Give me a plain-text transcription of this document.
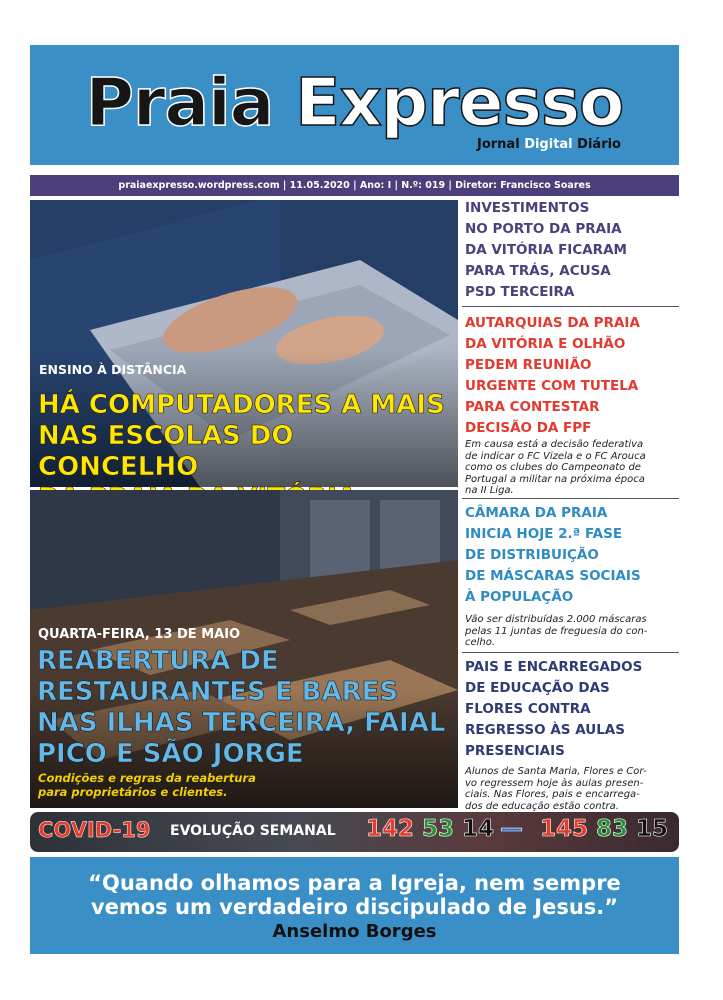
Praia Expresso
Jornal Digital Diário
praiaexpresso.wordpress.com | 11.05.2020 | Ano: I | N.º: 019 | Diretor: Francisco Soares
ENSINO À DISTÂNCIA
HÁ COMPUTADORES A MAIS
NAS ESCOLAS DO CONCELHO
QUARTA-FEIRA, 13 DE MAIO
REABERTURA DE
RESTAURANTES E BARES
NAS ILHAS TERCEIRA, FAIAL
PICO E SÃO JORGE
Condições e regras da reabertura
para proprietários e clientes.
INVESTIMENTOS
NO PORTO DA PRAIA
DA VITÓRIA FICARAM
PARA TRÁS, ACUSA
PSD TERCEIRA
AUTARQUIAS DA PRAIA
DA VITÓRIA E OLHÃO
PEDEM REUNIÃO
URGENTE COM TUTELA
PARA CONTESTAR
DECISÃO DA FPF
Em causa está a decisão federativa
de indicar o FC Vizela e o FC Arouca
como os clubes do Campeonato de
Portugal a militar na próxima época
na II Liga.
CÂMARA DA PRAIA
INICIA HOJE 2.ª FASE
DE DISTRIBUIÇÃO
DE MÁSCARAS SOCIAIS
À POPULAÇÃO
Vão ser distribuídas 2.000 máscaras
pelas 11 juntas de freguesia do con-
celho.
PAIS E ENCARREGADOS
DE EDUCAÇÃO DAS
FLORES CONTRA
REGRESSO ÀS AULAS
PRESENCIAIS
Alunos de Santa Maria, Flores e Cor-
vo regressem hoje às aulas presen-
ciais. Nas Flores, pais e encarrega-
dos de educação estão contra.
COVID-19 EVOLUÇÃO SEMANAL 142 53 14 — 145 83 15
“Quando olhamos para a Igreja, nem sempre
vemos um verdadeiro discipulado de Jesus.”
Anselmo Borges
